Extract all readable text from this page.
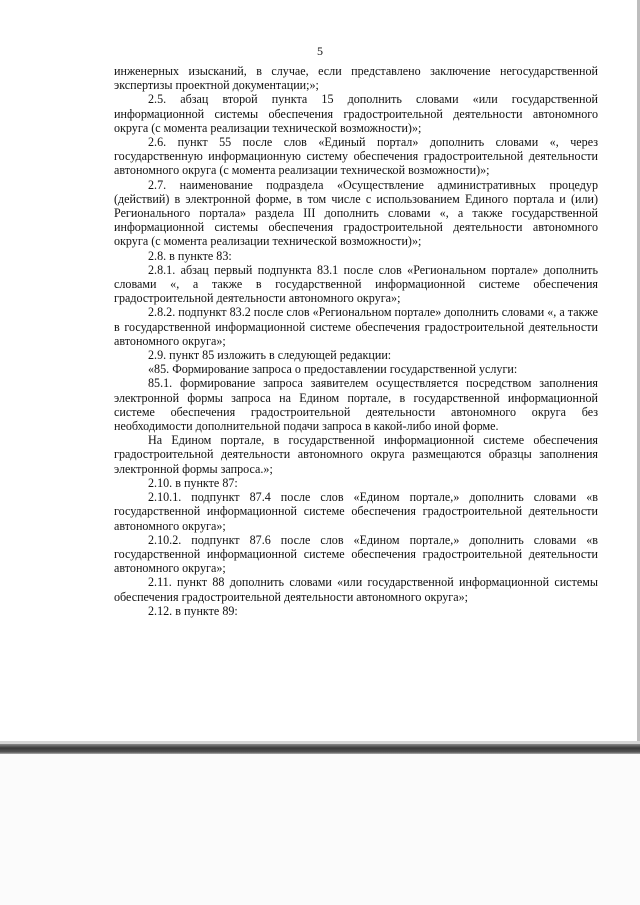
5

инженерных изысканий, в случае, если представлено заключение негосударственной экспертизы проектной документации;»;

2.5. абзац второй пункта 15 дополнить словами «или государственной информационной системы обеспечения градостроительной деятельности автономного округа (с момента реализации технической возможности)»;

2.6. пункт 55 после слов «Единый портал» дополнить словами «, через государственную информационную систему обеспечения градостроительной деятельности автономного округа (с момента реализации технической возможности)»;

2.7. наименование подраздела «Осуществление административных процедур (действий) в электронной форме, в том числе с использованием Единого портала и (или) Регионального портала» раздела III дополнить словами «, а также государственной информационной системы обеспечения градостроительной деятельности автономного округа (с момента реализации технической возможности)»;

2.8. в пункте 83:

2.8.1. абзац первый подпункта 83.1 после слов «Региональном портале» дополнить словами «, а также в государственной информационной системе обеспечения градостроительной деятельности автономного округа»;

2.8.2. подпункт 83.2 после слов «Региональном портале» дополнить словами «, а также в государственной информационной системе обеспечения градостроительной деятельности автономного округа»;

2.9. пункт 85 изложить в следующей редакции:

«85. Формирование запроса о предоставлении государственной услуги:

85.1. формирование запроса заявителем осуществляется посредством заполнения электронной формы запроса на Едином портале, в государственной информационной системе обеспечения градостроительной деятельности автономного округа без необходимости дополнительной подачи запроса в какой-либо иной форме.

На Едином портале, в государственной информационной системе обеспечения градостроительной деятельности автономного округа размещаются образцы заполнения электронной формы запроса.»;

2.10. в пункте 87:

2.10.1. подпункт 87.4 после слов «Едином портале,» дополнить словами «в государственной информационной системе обеспечения градостроительной деятельности автономного округа»;

2.10.2. подпункт 87.6 после слов «Едином портале,» дополнить словами «в государственной информационной системе обеспечения градостроительной деятельности автономного округа»;

2.11. пункт 88 дополнить словами «или государственной информационной системы обеспечения градостроительной деятельности автономного округа»;

2.12. в пункте 89:
